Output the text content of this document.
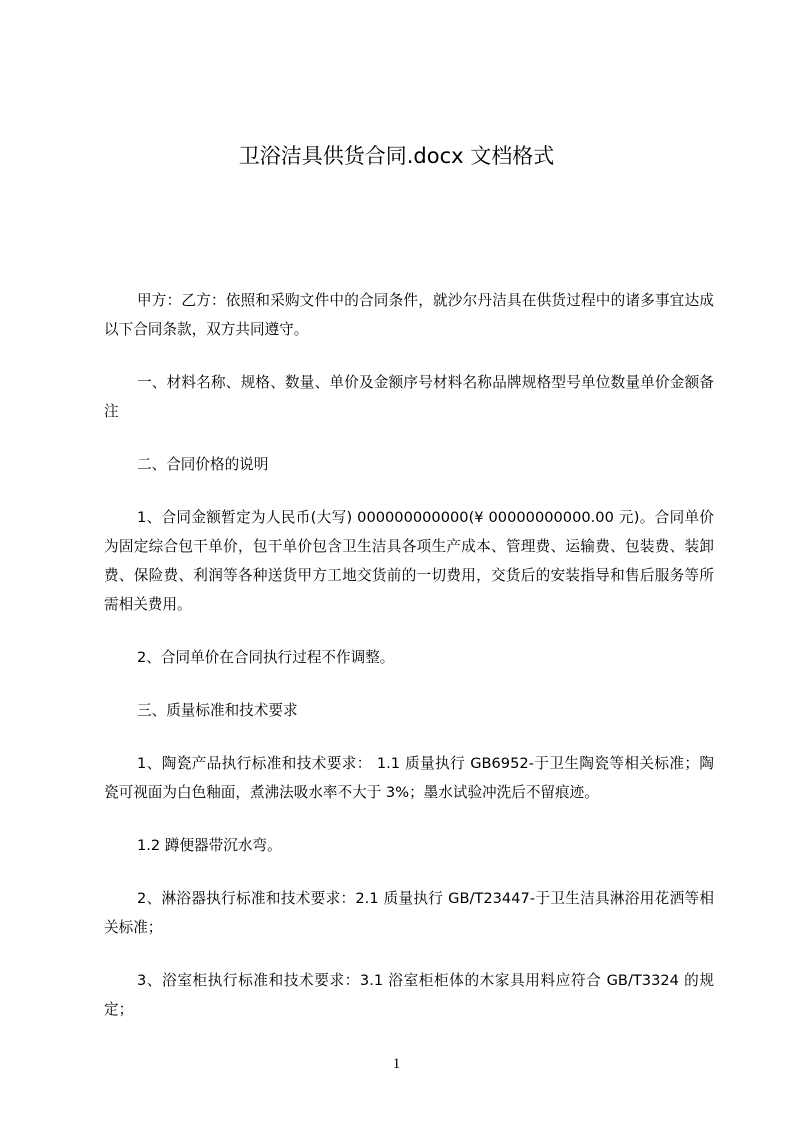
卫浴洁具供货合同.docx 文档格式

甲方：乙方：依照和采购文件中的合同条件，就沙尔丹洁具在供货过程中的诸多事宜达成以下合同条款，双方共同遵守。

一、材料名称、规格、数量、单价及金额序号材料名称品牌规格型号单位数量单价金额备注

二、合同价格的说明

1、合同金额暂定为人民币(大写) 000000000000(¥ 00000000000.00 元)。合同单价为固定综合包干单价，包干单价包含卫生洁具各项生产成本、管理费、运输费、包装费、装卸费、保险费、利润等各种送货甲方工地交货前的一切费用，交货后的安装指导和售后服务等所需相关费用。

2、合同单价在合同执行过程不作调整。

三、质量标准和技术要求

1、陶瓷产品执行标准和技术要求： 1.1 质量执行 GB6952-于卫生陶瓷等相关标准；陶瓷可视面为白色釉面，煮沸法吸水率不大于 3%；墨水试验冲洗后不留痕迹。

1.2 蹲便器带沉水弯。

2、淋浴器执行标准和技术要求：2.1 质量执行 GB/T23447-于卫生洁具淋浴用花洒等相关标准；

3、浴室柜执行标准和技术要求：3.1 浴室柜柜体的木家具用料应符合 GB/T3324 的规定；

1
